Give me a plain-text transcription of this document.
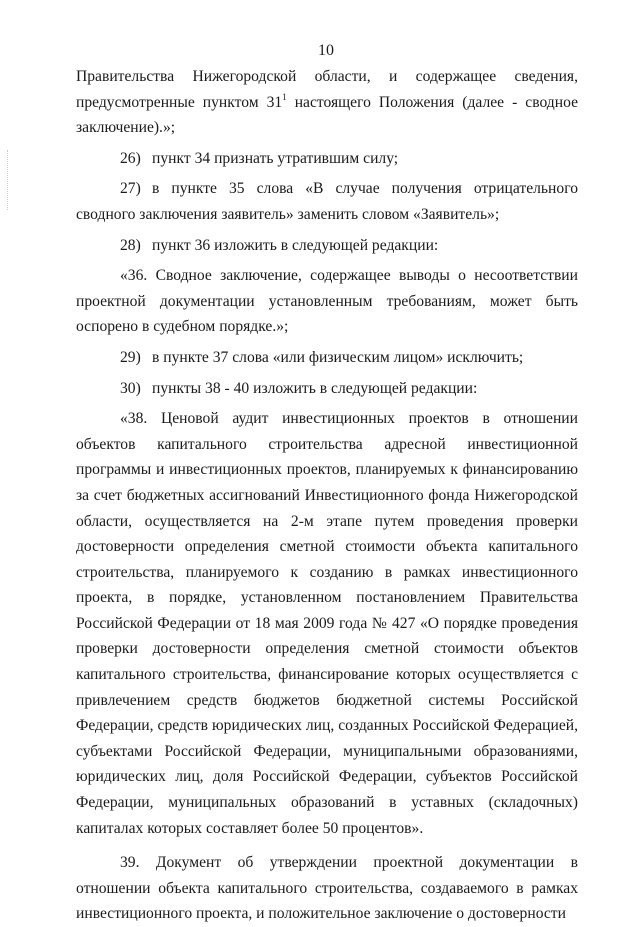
10

Правительства Нижегородской области, и содержащее сведения,

предусмотренные пунктом $31^1$ настоящего Положения (далее - сводное

заключение).»;

26) пункт 34 признать утратившим силу;

27) в пункте 35 слова «В случае получения отрицательного сводного заключения заявитель» заменить словом «Заявитель»;

28) пункт 36 изложить в следующей редакции:

«36. Сводное заключение, содержащее выводы о несоответствии проектной документации установленным требованиям, может быть оспорено в судебном порядке.»;

29) в пункте 37 слова «или физическим лицом» исключить;

30) пункты 38 - 40 изложить в следующей редакции:

«38. Ценовой аудит инвестиционных проектов в отношении объектов капитального строительства адресной инвестиционной программы и инвестиционных проектов, планируемых к финансированию за счет бюджетных ассигнований Инвестиционного фонда Нижегородской области, осуществляется на 2-м этапе путем проведения проверки достоверности определения сметной стоимости объекта капитального строительства, планируемого к созданию в рамках инвестиционного проекта, в порядке, установленном постановлением Правительства Российской Федерации от 18 мая 2009 года № 427 «О порядке проведения проверки достоверности определения сметной стоимости объектов капитального строительства, финансирование которых осуществляется с привлечением средств бюджетов бюджетной системы Российской Федерации, средств юридических лиц, созданных Российской Федерацией, субъектами Российской Федерации, муниципальными образованиями, юридических лиц, доля Российской Федерации, субъектов Российской Федерации, муниципальных образований в уставных (складочных) капиталах которых составляет более 50 процентов».

39. Документ об утверждении проектной документации в отношении объекта капитального строительства, создаваемого в рамках инвестиционного проекта, и положительное заключение о достоверности
